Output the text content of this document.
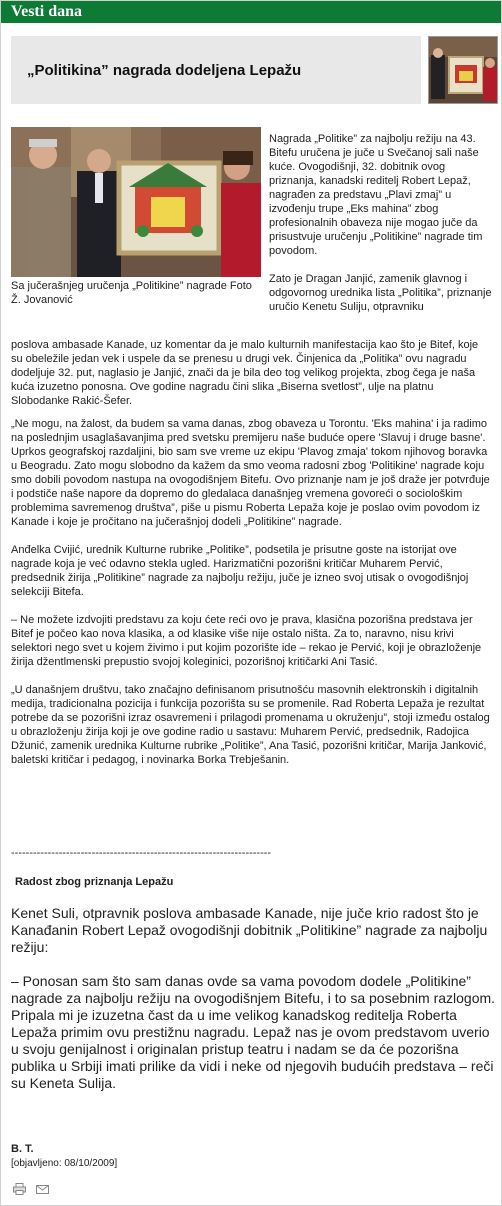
Vesti dana
„Politikina” nagrada dodeljena Lepažu
Sa jučerašnjeg uručenja „Politikine” nagrade Foto Ž. Jovanović

Nagrada „Politike” za najbolju režiju na 43. Bitefu uručena je juče u Svečanoj sali naše kuće. Ovogodišnji, 32. dobitnik ovog priznanja, kanadski reditelj Robert Lepaž, nagrađen za predstavu „Plavi zmaj” u izvođenju trupe „Eks mahina” zbog profesionalnih obaveza nije mogao juče da prisustvuje uručenju „Politikine” nagrade tim povodom.

Zato je Dragan Janjić, zamenik glavnog i odgovornog urednika lista „Politika”, priznanje uručio Kenetu Suliju, otpravniku

poslova ambasade Kanade, uz komentar da je malo kulturnih manifestacija kao što je Bitef, koje su obeležile jedan vek i uspele da se prenesu u drugi vek. Činjenica da „Politika” ovu nagradu dodeljuje 32. put, naglasio je Janjić, znači da je bila deo tog velikog projekta, zbog čega je naša kuća izuzetno ponosna. Ove godine nagradu čini slika „Biserna svetlost”, ulje na platnu Slobodanke Rakić-Šefer.

„Ne mogu, na žalost, da budem sa vama danas, zbog obaveza u Torontu. 'Eks mahina' i ja radimo na poslednjim usaglašavanjima pred svetsku premijeru naše buduće opere 'Slavuj i druge basne'. Uprkos geografskoj razdaljini, bio sam sve vreme uz ekipu 'Plavog zmaja' tokom njihovog boravka u Beogradu. Zato mogu slobodno da kažem da smo veoma radosni zbog 'Politikine' nagrade koju smo dobili povodom nastupa na ovogodišnjem Bitefu. Ovo priznanje nam je još draže jer potvrđuje i podstiče naše napore da dopremo do gledalaca današnjeg vremena govoreći o sociološkim problemima savremenog društva”, piše u pismu Roberta Lepaža koje je poslao ovim povodom iz Kanade i koje je pročitano na jučerašnjoj dodeli „Politikine” nagrade.

Anđelka Cvijić, urednik Kulturne rubrike „Politike”, podsetila je prisutne goste na istorijat ove nagrade koja je već odavno stekla ugled. Harizmatični pozorišni kritičar Muharem Pervić, predsednik žirija „Politikine” nagrade za najbolju režiju, juče je izneo svoj utisak o ovogodišnjoj selekciji Bitefa.

– Ne možete izdvojiti predstavu za koju ćete reći ovo je prava, klasična pozorišna predstava jer Bitef je počeo kao nova klasika, a od klasike više nije ostalo ništa. Za to, naravno, nisu krivi selektori nego svet u kojem živimo i put kojim pozorište ide – rekao je Pervić, koji je obrazloženje žirija džentlmenski prepustio svojoj koleginici, pozorišnoj kritičarki Ani Tasić.

„U današnjem društvu, tako značajno definisanom prisutnošću masovnih elektronskih i digitalnih medija, tradicionalna pozicija i funkcija pozorišta su se promenile. Rad Roberta Lepaža je rezultat potrebe da se pozorišni izraz osavremeni i prilagodi promenama u okruženju”, stoji između ostalog u obrazloženju žirija koji je ove godine radio u sastavu: Muharem Pervić, predsednik, Radojica Džunić, zamenik urednika Kulturne rubrike „Politike”, Ana Tasić, pozorišni kritičar, Marija Janković, baletski kritičar i pedagog, i novinarka Borka Trebješanin.

-----------------------------------------------------------------------
Radost zbog priznanja Lepažu

Kenet Suli, otpravnik poslova ambasade Kanade, nije juče krio radost što je Kanađanin Robert Lepaž ovogodišnji dobitnik „Politikine” nagrade za najbolju režiju:

– Ponosan sam što sam danas ovde sa vama povodom dodele „Politikine” nagrade za najbolju režiju na ovogodišnjem Bitefu, i to sa posebnim razlogom. Pripala mi je izuzetna čast da u ime velikog kanadskog reditelja Roberta Lepaža primim ovu prestižnu nagradu. Lepaž nas je ovom predstavom uverio u svoju genijalnost i originalan pristup teatru i nadam se da će pozorišna publika u Srbiji imati prilike da vidi i neke od njegovih budućih predstava – reči su Keneta Sulija.

B. T.
[objavljeno: 08/10/2009]
